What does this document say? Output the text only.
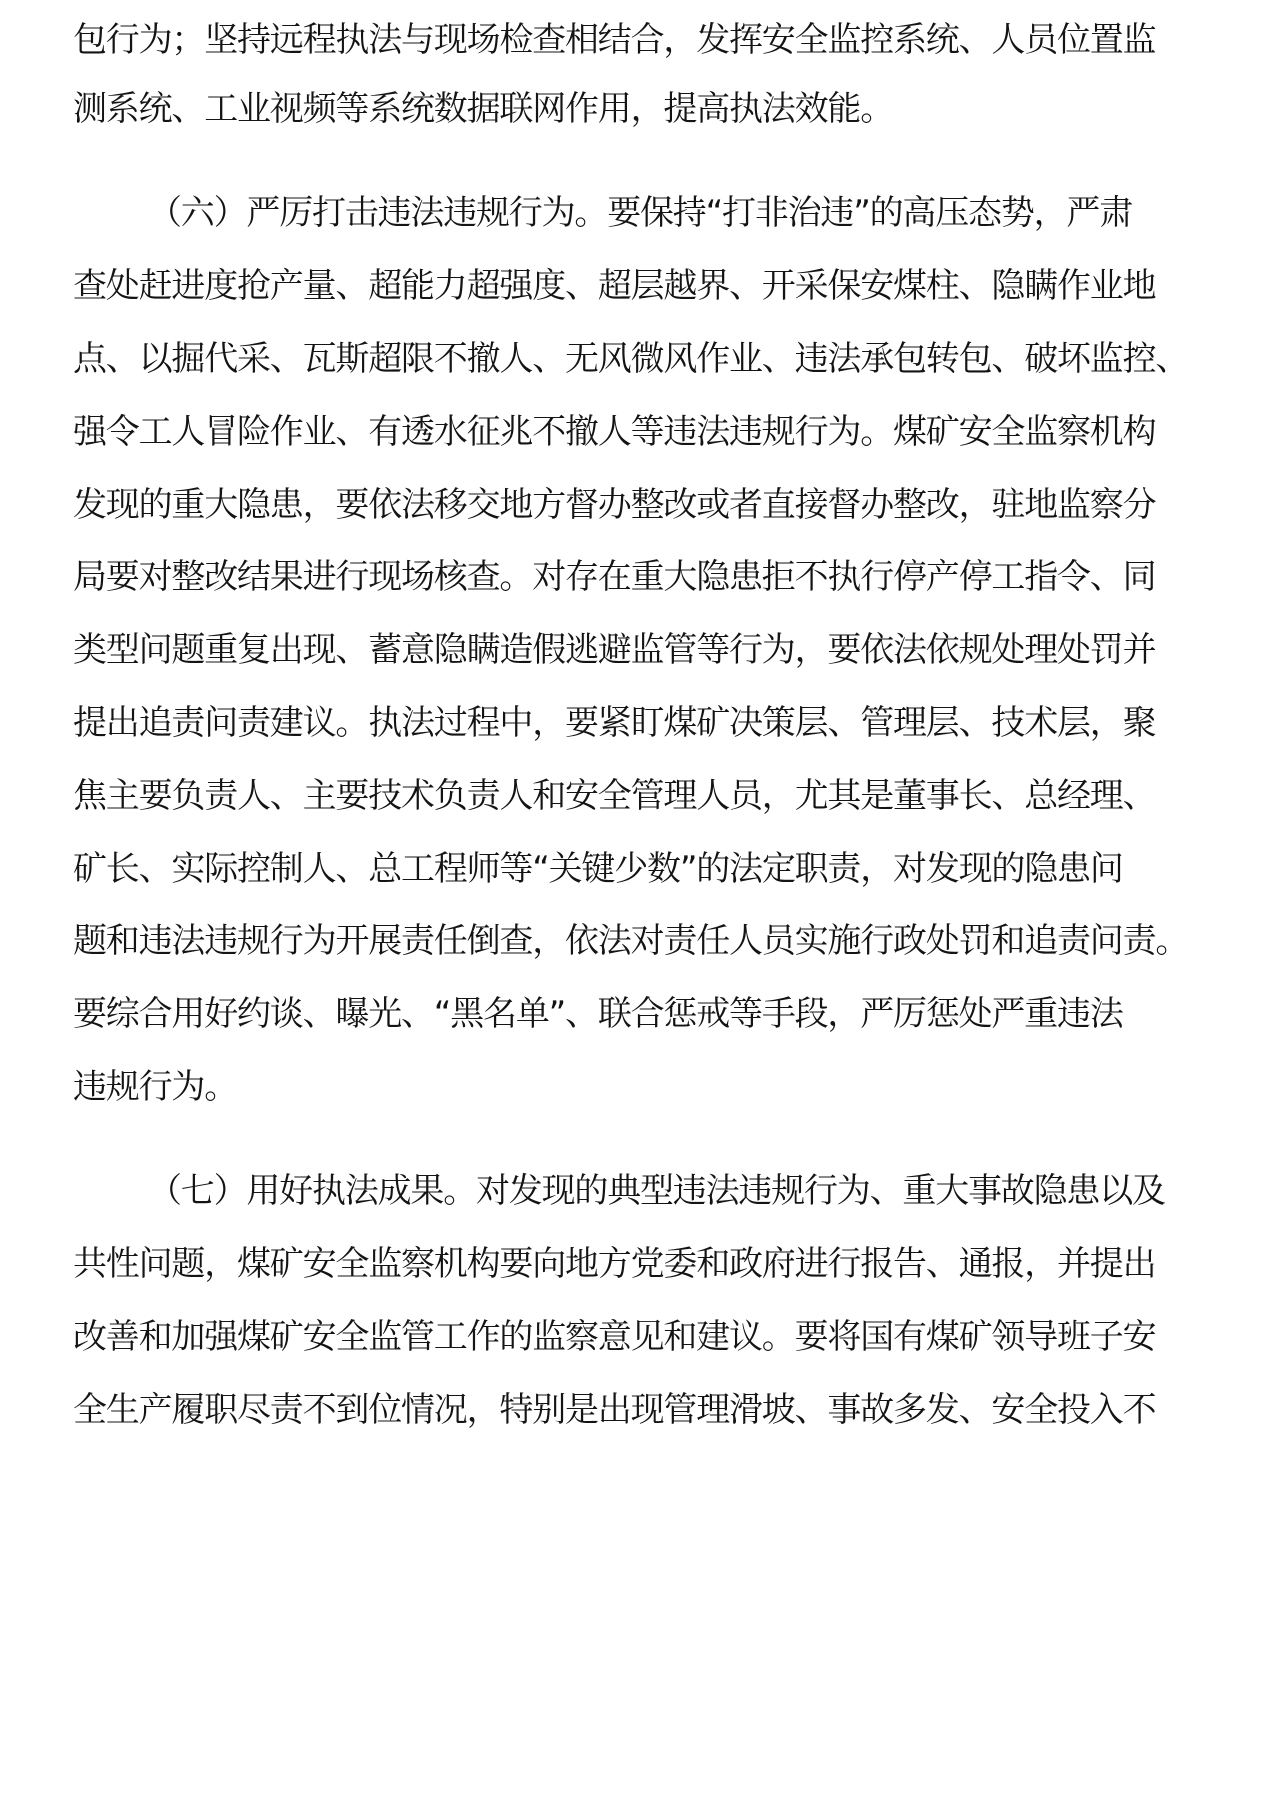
包行为；坚持远程执法与现场检查相结合，发挥安全监控系统、人员位置监
测系统、工业视频等系统数据联网作用，提高执法效能。
（六）严厉打击违法违规行为。要保持“打非治违”的高压态势，严肃
查处赶进度抢产量、超能力超强度、超层越界、开采保安煤柱、隐瞒作业地
点、以掘代采、瓦斯超限不撤人、无风微风作业、违法承包转包、破坏监控、
强令工人冒险作业、有透水征兆不撤人等违法违规行为。煤矿安全监察机构
发现的重大隐患，要依法移交地方督办整改或者直接督办整改，驻地监察分
局要对整改结果进行现场核查。对存在重大隐患拒不执行停产停工指令、同
类型问题重复出现、蓄意隐瞒造假逃避监管等行为，要依法依规处理处罚并
提出追责问责建议。执法过程中，要紧盯煤矿决策层、管理层、技术层，聚
焦主要负责人、主要技术负责人和安全管理人员，尤其是董事长、总经理、
矿长、实际控制人、总工程师等“关键少数”的法定职责，对发现的隐患问
题和违法违规行为开展责任倒查，依法对责任人员实施行政处罚和追责问责。
要综合用好约谈、曝光、“黑名单”、联合惩戒等手段，严厉惩处严重违法
违规行为。
（七）用好执法成果。对发现的典型违法违规行为、重大事故隐患以及
共性问题，煤矿安全监察机构要向地方党委和政府进行报告、通报，并提出
改善和加强煤矿安全监管工作的监察意见和建议。要将国有煤矿领导班子安
全生产履职尽责不到位情况，特别是出现管理滑坡、事故多发、安全投入不
